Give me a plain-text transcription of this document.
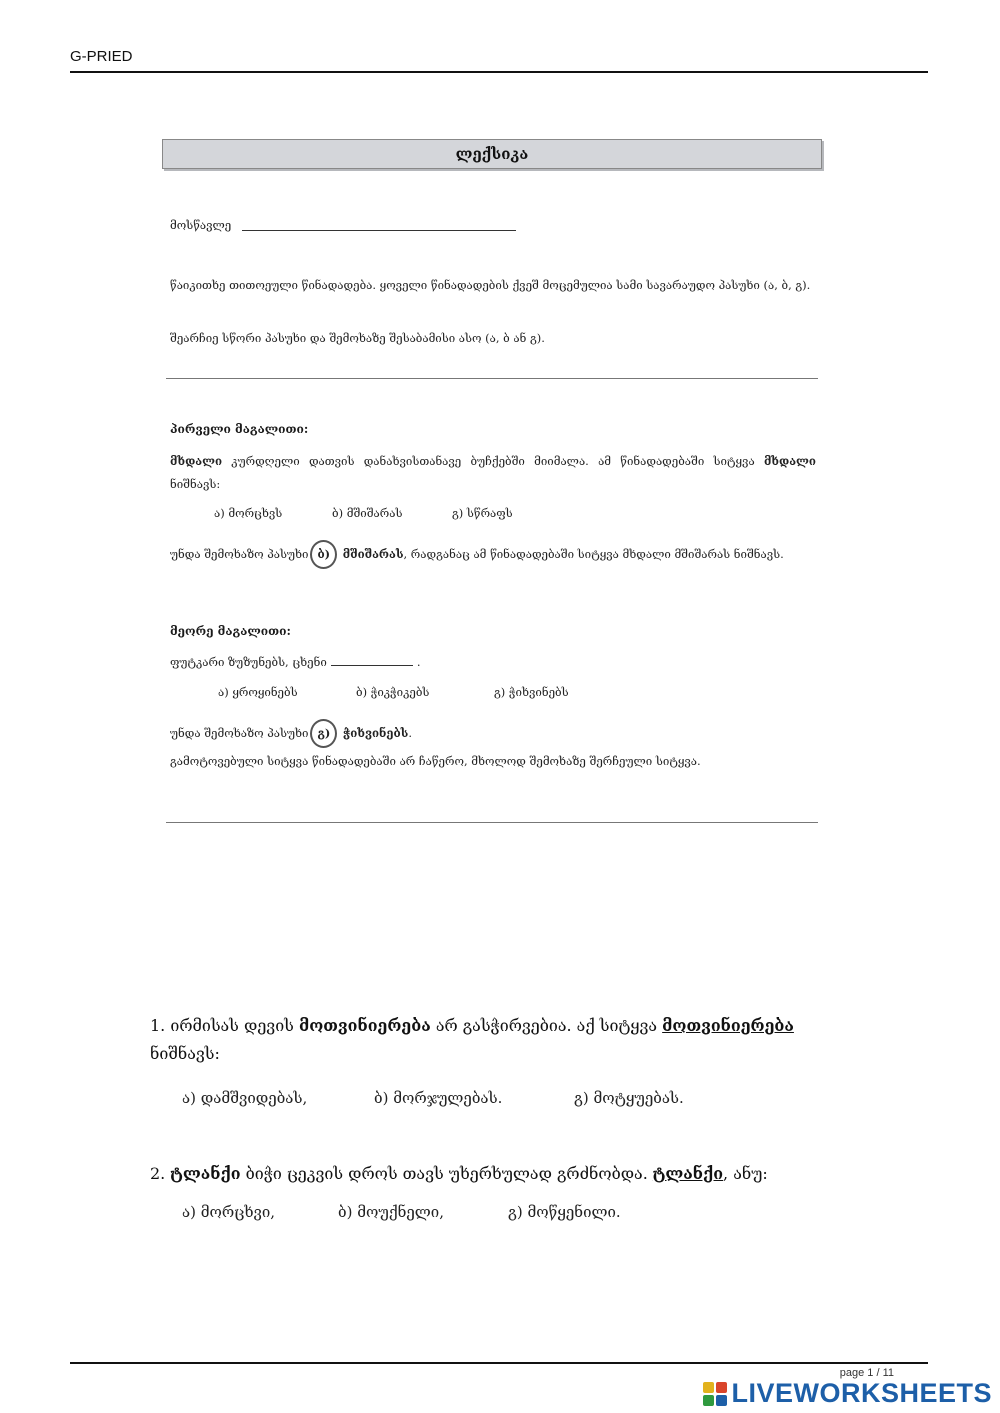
G-PRIED
ლექსიკა
მოსწავლე
წაიკითხე თითოეული წინადადება. ყოველი წინადადების ქვეშ მოცემულია სამი სავარაუდო პასუხი (ა, ბ, გ).
შეარჩიე სწორი პასუხი და შემოხაზე შესაბამისი ასო (ა, ბ ან გ).
პირველი მაგალითი:
მხდალი კურდღელი დათვის დანახვისთანავე ბუჩქებში მიიმალა. ამ წინადადებაში სიტყვა მხდალი ნიშნავს:
ა) მორცხვს	ბ) მშიშარას	გ) სწრაფს
უნდა შემოხაზო პასუხი ბ) მშიშარას, რადგანაც ამ წინადადებაში სიტყვა მხდალი მშიშარას ნიშნავს.
მეორე მაგალითი:
ფუტკარი ზუზუნებს, ცხენი	.
ა) ყროყინებს	ბ) ჭიკჭიკებს	გ) ჭიხვინებს
უნდა შემოხაზო პასუხი გ) ჭიხვინებს.
გამოტოვებული სიტყვა წინადადებაში არ ჩაწერო, მხოლოდ შემოხაზე შერჩეული სიტყვა.
1. ირმისას დევის მოთვინიერება არ გასჭირვებია. აქ სიტყვა მოთვინიერება ნიშნავს:
ა) დამშვიდებას,	ბ) მორჯულებას.	გ) მოტყუებას.
2. ტლანქი ბიჭი ცეკვის დროს თავს უხერხულად გრძნობდა. ტლანქი, ანუ:
ა) მორცხვი,	ბ) მოუქნელი,	გ) მოწყენილი.
page 1 / 11
LIVEWORKSHEETS
